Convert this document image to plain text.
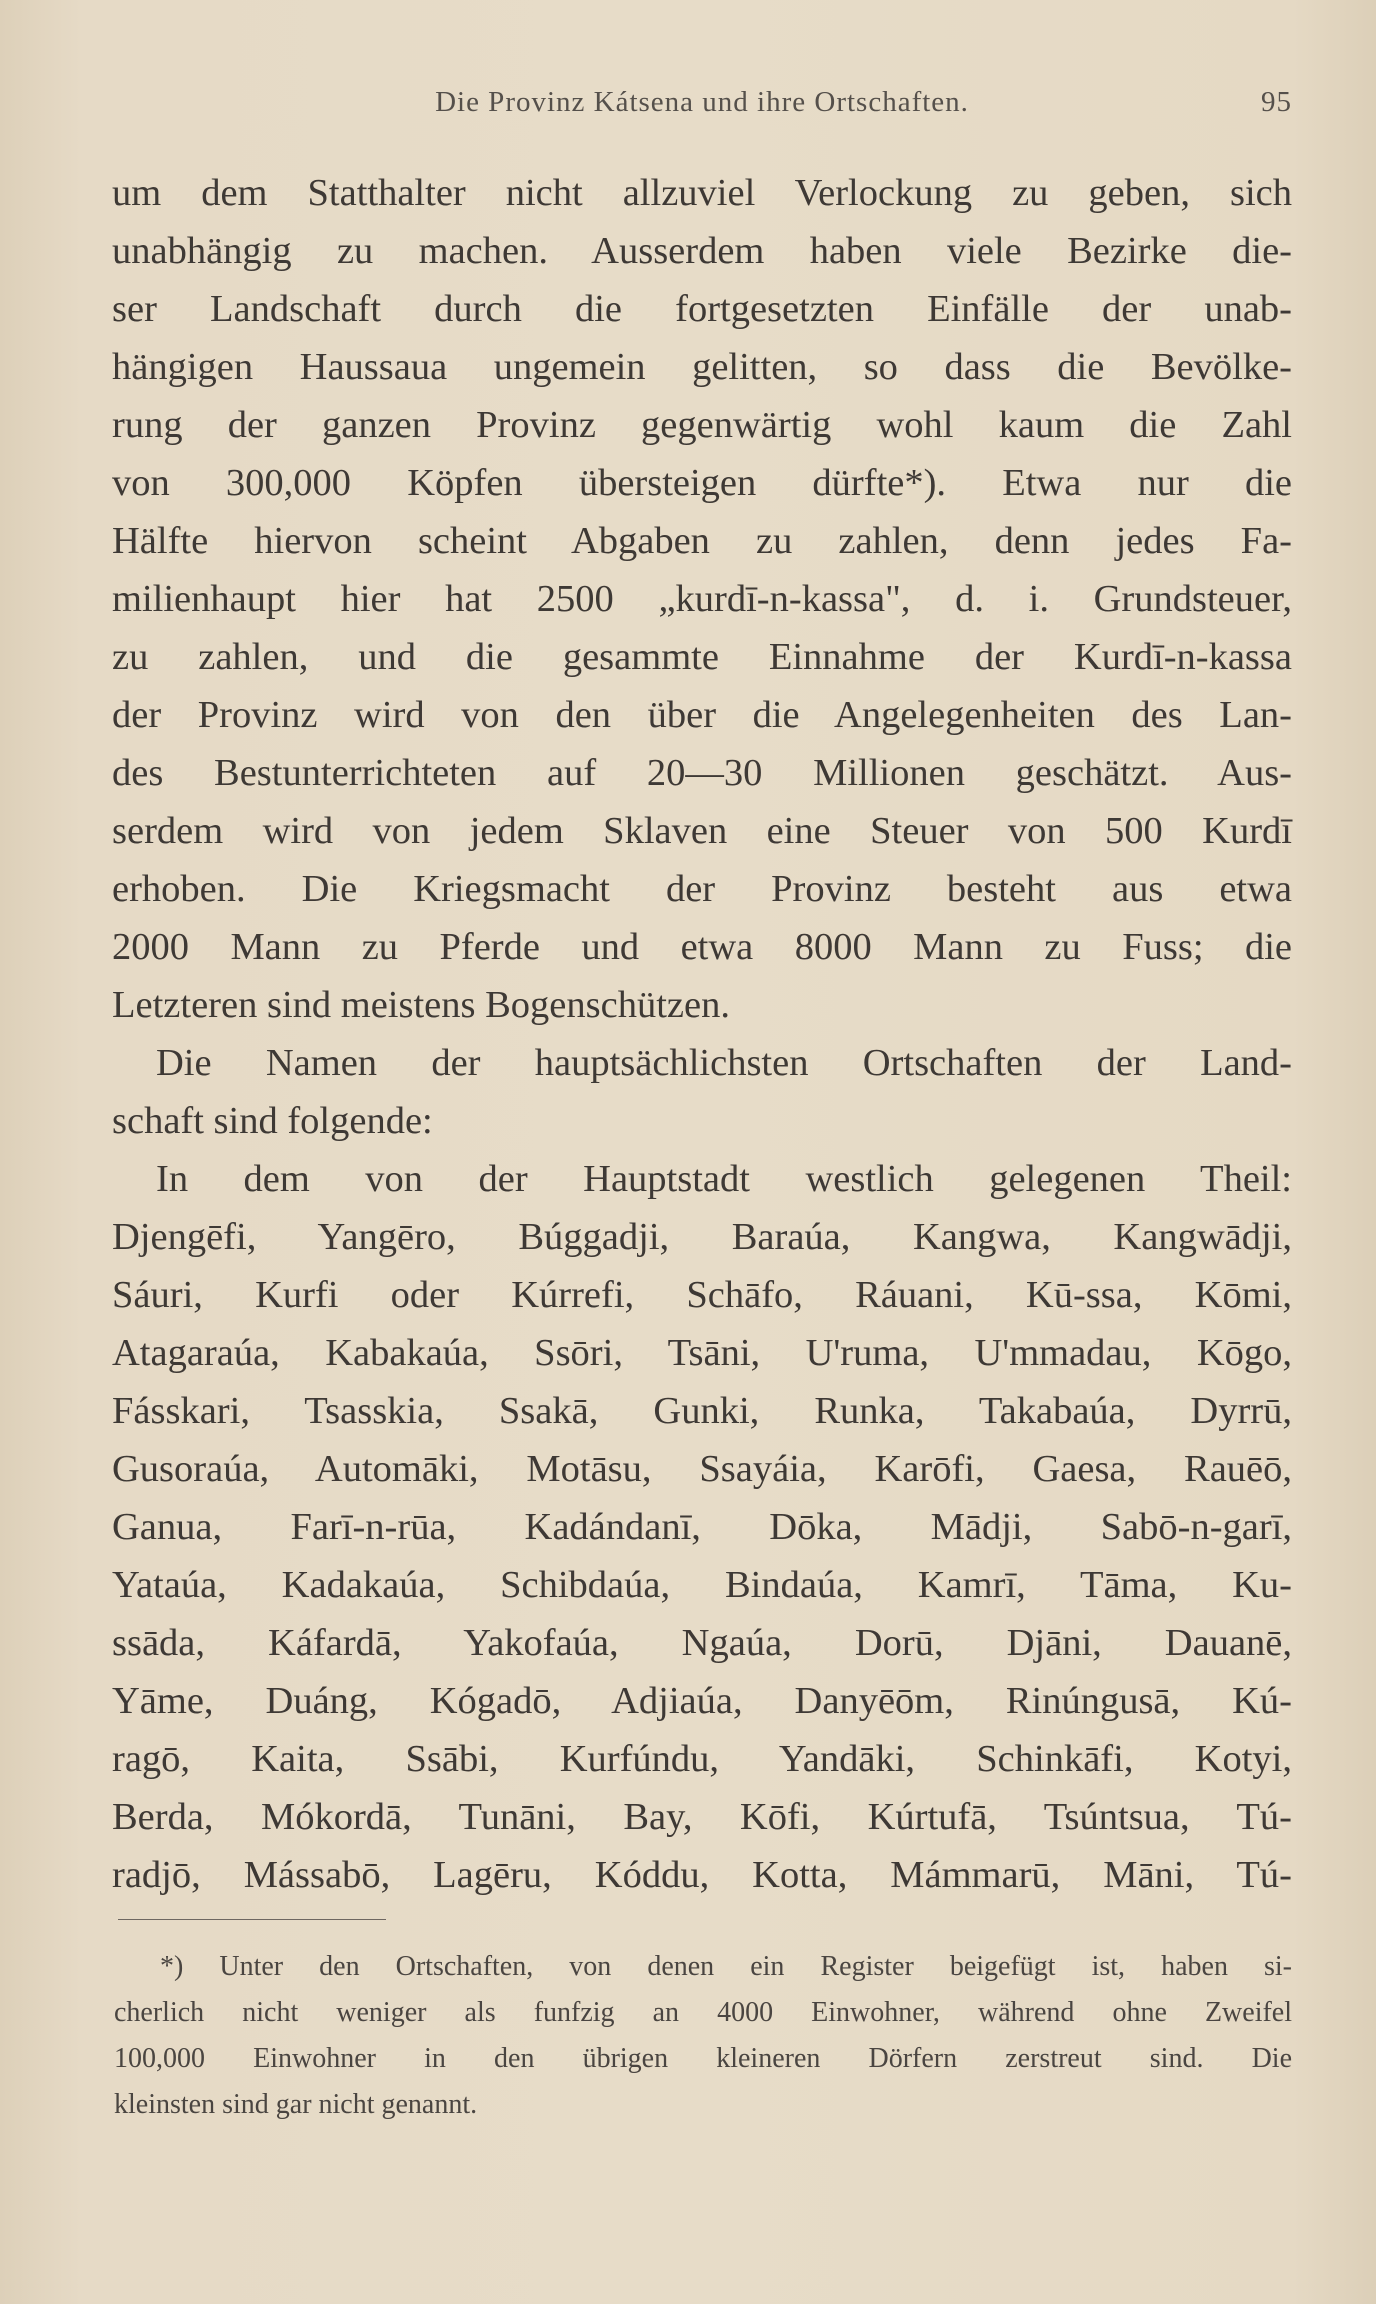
Die Provinz Kátsena und ihre Ortschaften.	95
um dem Statthalter nicht allzuviel Verlockung zu geben, sich
unabhängig zu machen. Ausserdem haben viele Bezirke die-
ser Landschaft durch die fortgesetzten Einfälle der unab-
hängigen Haussaua ungemein gelitten, so dass die Bevölke-
rung der ganzen Provinz gegenwärtig wohl kaum die Zahl
von 300,000 Köpfen übersteigen dürfte*). Etwa nur die
Hälfte hiervon scheint Abgaben zu zahlen, denn jedes Fa-
milienhaupt hier hat 2500 „kurdī-n-kassa", d. i. Grundsteuer,
zu zahlen, und die gesammte Einnahme der Kurdī-n-kassa
der Provinz wird von den über die Angelegenheiten des Lan-
des Bestunterrichteten auf 20—30 Millionen geschätzt. Aus-
serdem wird von jedem Sklaven eine Steuer von 500 Kurdī
erhoben. Die Kriegsmacht der Provinz besteht aus etwa
2000 Mann zu Pferde und etwa 8000 Mann zu Fuss; die
Letzteren sind meistens Bogenschützen.
Die Namen der hauptsächlichsten Ortschaften der Land-
schaft sind folgende:
In dem von der Hauptstadt westlich gelegenen Theil:
Djengēfi, Yangēro, Búggadji, Baraúa, Kangwa, Kangwādji,
Sáuri, Kurfi oder Kúrrefi, Schāfo, Ráuani, Kū-ssa, Kōmi,
Atagaraúa, Kabakaúa, Ssōri, Tsāni, U'ruma, U'mmadau, Kōgo,
Fásskari, Tsasskia, Ssakā, Gunki, Runka, Takabaúa, Dyrrū,
Gusoraúa, Automāki, Motāsu, Ssayáia, Karōfi, Gaesa, Rauēō,
Ganua, Farī-n-rūa, Kadándanī, Dōka, Mādji, Sabō-n-garī,
Yataúa, Kadakaúa, Schibdaúa, Bindaúa, Kamrī, Tāma, Ku-
ssāda, Káfardā, Yakofaúa, Ngaúa, Dorū, Djāni, Dauanē,
Yāme, Duáng, Kógadō, Adjiaúa, Danyēōm, Rinúngusā, Kú-
ragō, Kaita, Ssābi, Kurfúndu, Yandāki, Schinkāfi, Kotyi,
Berda, Mókordā, Tunāni, Bay, Kōfi, Kúrtufā, Tsúntsua, Tú-
radjō, Mássabō, Lagēru, Kóddu, Kotta, Mámmarū, Māni, Tú-
*) Unter den Ortschaften, von denen ein Register beigefügt ist, haben si-
cherlich nicht weniger als funfzig an 4000 Einwohner, während ohne Zweifel
100,000 Einwohner in den übrigen kleineren Dörfern zerstreut sind. Die
kleinsten sind gar nicht genannt.
